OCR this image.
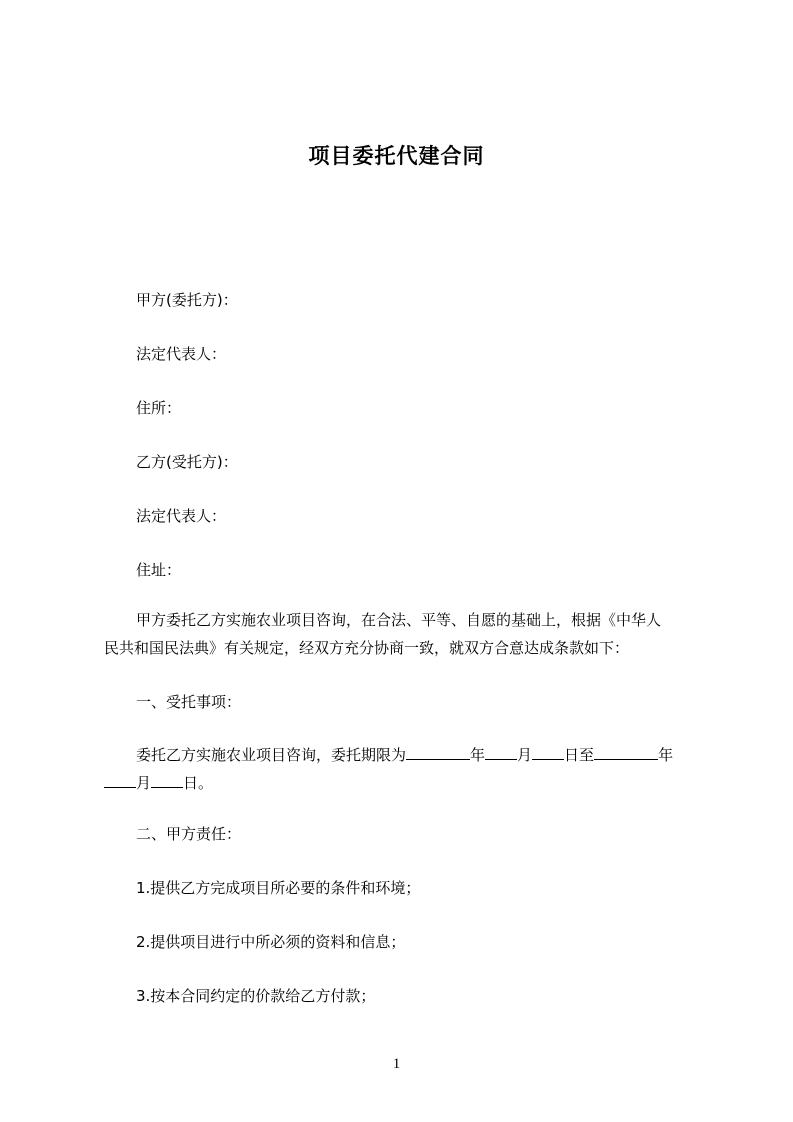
项目委托代建合同
甲方(委托方)：
法定代表人：
住所：
乙方(受托方)：
法定代表人：
住址：
甲方委托乙方实施农业项目咨询，在合法、平等、自愿的基础上，根据《中华人
民共和国民法典》有关规定，经双方充分协商一致，就双方合意达成条款如下：
一、受托事项：
委托乙方实施农业项目咨询，委托期限为	年 月 日至	年
月 日。
二、甲方责任：
1.提供乙方完成项目所必要的条件和环境；
2.提供项目进行中所必须的资料和信息；
3.按本合同约定的价款给乙方付款；
1
